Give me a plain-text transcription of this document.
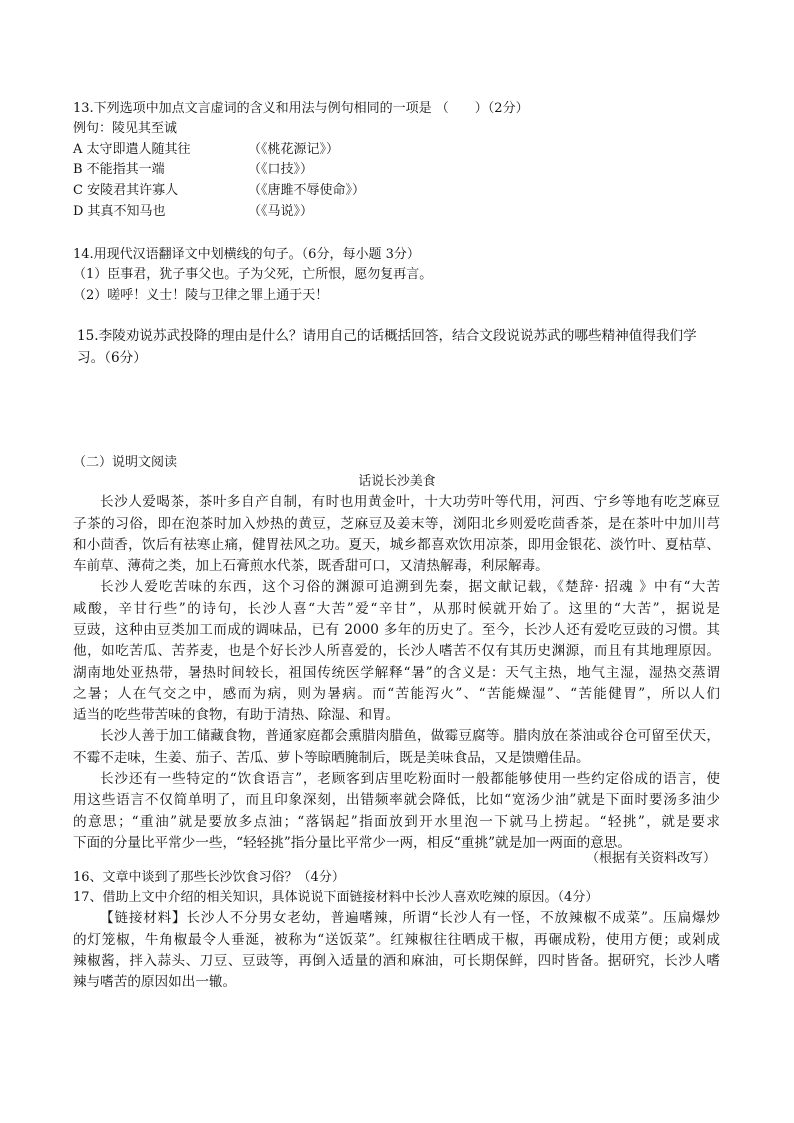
13.下列选项中加点文言虚词的含义和用法与例句相同的一项是 （　　）（2分）
例句：陵见其至诚
A 太守即遣人随其往	（《桃花源记》）
B 不能指其一端	（《口技》）
C 安陵君其许寡人	（《唐雎不辱使命》）
D 其真不知马也	（《马说》）
14.用现代汉语翻译文中划横线的句子。（6分，每小题 3分）
（1）臣事君，犹子事父也。子为父死，亡所恨，愿勿复再言。
（2）嗟呼！义士！陵与卫律之罪上通于天！
15.李陵劝说苏武投降的理由是什么？请用自己的话概括回答，结合文段说说苏武的哪些精神值得我们学
习。（6分）
（二）说明文阅读
话说长沙美食
长沙人爱喝茶，茶叶多自产自制，有时也用黄金叶，十大功劳叶等代用，河西、宁乡等地有吃芝麻豆
子茶的习俗，即在泡茶时加入炒热的黄豆，芝麻豆及姜末等，浏阳北乡则爱吃茴香茶，是在茶叶中加川芎
和小茴香，饮后有祛寒止痛，健胃祛风之功。夏天，城乡都喜欢饮用凉茶，即用金银花、淡竹叶、夏枯草、
车前草、薄荷之类，加上石膏煎水代茶，既香甜可口，又清热解毒，利尿解毒。
长沙人爱吃苦味的东西，这个习俗的渊源可追溯到先秦，据文献记载，《楚辞· 招魂 》中有“大苦
咸酸，辛甘行些”的诗句，长沙人喜“大苦”爱“辛甘”，从那时候就开始了。这里的“大苦”，据说是
豆豉，这种由豆类加工而成的调味品，已有 2000 多年的历史了。至今，长沙人还有爱吃豆豉的习惯。其
他，如吃苦瓜、苦荞麦，也是个好长沙人所喜爱的，长沙人嗜苦不仅有其历史渊源，而且有其地理原因。
湖南地处亚热带，暑热时间较长，祖国传统医学解释“暑”的含义是：天气主热，地气主湿，湿热交蒸谓
之暑；人在气交之中，感而为病，则为暑病。而“苦能泻火”、“苦能燥湿”、“苦能健胃”，所以人们
适当的吃些带苦味的食物，有助于清热、除湿、和胃。
长沙人善于加工储藏食物，普通家庭都会熏腊肉腊鱼，做霉豆腐等。腊肉放在茶油或谷仓可留至伏天，
不霉不走味，生姜、茄子、苦瓜、萝卜等晾晒腌制后，既是美味食品，又是馈赠佳品。
长沙还有一些特定的“饮食语言”，老顾客到店里吃粉面时一般都能够使用一些约定俗成的语言，使
用这些语言不仅简单明了，而且印象深刻，出错频率就会降低，比如“宽汤少油”就是下面时要汤多油少
的意思；“重油”就是要放多点油；“落锅起”指面放到开水里泡一下就马上捞起。“轻挑”，就是要求
下面的分量比平常少一些，“轻轻挑”指分量比平常少一两，相反“重挑”就是加一两面的意思。
（根据有关资料改写）
16、文章中谈到了那些长沙饮食习俗？（4分）
17、借助上文中介绍的相关知识，具体说说下面链接材料中长沙人喜欢吃辣的原因。（4分）
【链接材料】长沙人不分男女老幼，普遍嗜辣，所谓“长沙人有一怪，不放辣椒不成菜”。压扁爆炒
的灯笼椒，牛角椒最令人垂涎，被称为“送饭菜”。红辣椒往往晒成干椒，再碾成粉，使用方便；或剁成
辣椒酱，拌入蒜头、刀豆、豆豉等，再倒入适量的酒和麻油，可长期保鲜，四时皆备。据研究，长沙人嗜
辣与嗜苦的原因如出一辙。
